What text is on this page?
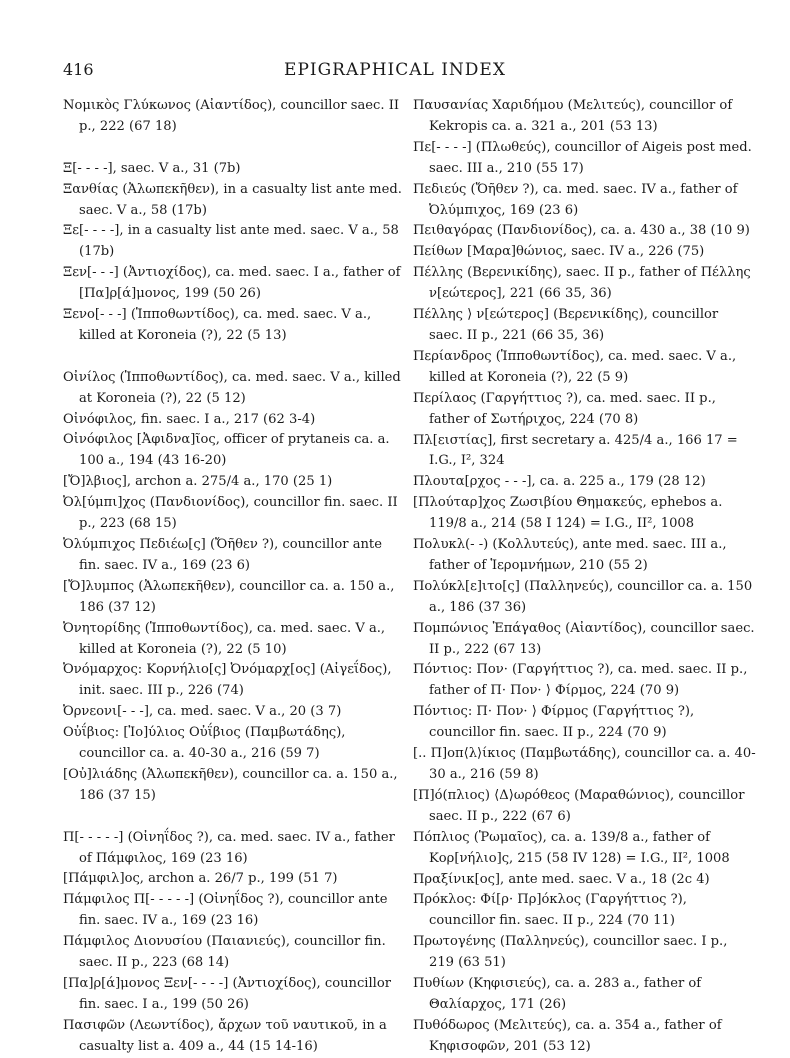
416	EPIGRAPHICAL INDEX

Νομικὸς Γλύκωνος (Αἰαντίδος), councillor saec. II p., 222 (67 18)

Ξ[- - - -], saec. V a., 31 (7b)

Ξανθίας (Ἀλωπεκῆθεν), in a casualty list ante med. saec. V a., 58 (17b)

Ξε[- - - -], in a casualty list ante med. saec. V a., 58 (17b)

Ξεν[- - -] (Ἀντιοχίδος), ca. med. saec. I a., father of [Πα]ρ[ά]μονος, 199 (50 26)

Ξενο[- - -] (Ἱπποθωντίδος), ca. med. saec. V a., killed at Koroneia (?), 22 (5 13)

Οἰνίλος (Ἱπποθωντίδος), ca. med. saec. V a., killed at Koroneia (?), 22 (5 12)

Οἰνόφιλος, fin. saec. I a., 217 (62 3-4)

Οἰνόφιλος [Ἀφιδνα]ῖος, officer of prytaneis ca. a. 100 a., 194 (43 16-20)

[Ὄ]λβιος], archon a. 275/4 a., 170 (25 1)

Ὀλ[ύμπι]χος (Πανδιονίδος), councillor fin. saec. II p., 223 (68 15)

Ὀλύμπιχος Πεδιέω[ς] (Ὄῆθεν ?), councillor ante fin. saec. IV a., 169 (23 6)

[Ὄ]λυμπος (Ἀλωπεκῆθεν), councillor ca. a. 150 a., 186 (37 12)

Ὀνητορίδης (Ἱπποθωντίδος), ca. med. saec. V a., killed at Koroneia (?), 22 (5 10)

Ὀνόμαρχος: Κορνήλιο[ς] Ὀνόμαρχ[ος] (Αἰγεΐδος), init. saec. III p., 226 (74)

Ὀρνεονι[- - -], ca. med. saec. V a., 20 (3 7)

Οὐΐβιος: [Ἰο]ύλιος Οὐΐβιος (Παμβωτάδης), councillor ca. a. 40-30 a., 216 (59 7)

[Οὐ]λιάδης (Ἀλωπεκῆθεν), councillor ca. a. 150 a., 186 (37 15)

Π[- - - - -] (Οἰνηΐδος ?), ca. med. saec. IV a., father of Πάμφιλος, 169 (23 16)

[Πάμφιλ]ος, archon a. 26/7 p., 199 (51 7)

Πάμφιλος Π[- - - - -] (Οἰνηΐδος ?), councillor ante fin. saec. IV a., 169 (23 16)

Πάμφιλος Διονυσίου (Παιανιεύς), councillor fin. saec. II p., 223 (68 14)

[Πα]ρ[ά]μονος Ξεν[- - - -] (Ἀντιοχίδος), councillor fin. saec. I a., 199 (50 26)

Πασιφῶν (Λεωντίδος), ἄρχων τοῦ ναυτικοῦ, in a casualty list a. 409 a., 44 (15 14-16)

Παυσανίας Χαριδήμου (Μελιτεύς), councillor of Kekropis ca. a. 321 a., 201 (53 13)

Πε[- - - -] (Πλωθεύς), councillor of Aigeis post med. saec. III a., 210 (55 17)

Πεδιεύς (Ὄῆθεν ?), ca. med. saec. IV a., father of Ὀλύμπιχος, 169 (23 6)

Πειθαγόρας (Πανδιονίδος), ca. a. 430 a., 38 (10 9)

Πείθων [Μαρα]θώνιος, saec. IV a., 226 (75)

Πέλλης (Βερενικίδης), saec. II p., father of Πέλλης ν[εώτερος], 221 (66 35, 36)

Πέλλης ⟩ ν[εώτερος] (Βερενικίδης), councillor saec. II p., 221 (66 35, 36)

Περίανδρος (Ἱπποθωντίδος), ca. med. saec. V a., killed at Koroneia (?), 22 (5 9)

Περίλαος (Γαργήττιος ?), ca. med. saec. II p., father of Σωτήριχος, 224 (70 8)

Πλ[ειστίας], first secretary a. 425/4 a., 166 17 = I.G., I², 324

Πλουτα[ρχος - - -], ca. a. 225 a., 179 (28 12)

[Πλούταρ]χος Ζωσιβίου Θημακεύς, ephebos a. 119/8 a., 214 (58 I 124) = I.G., II², 1008

Πολυκλ(- -) (Κολλυτεύς), ante med. saec. III a., father of Ἱερομνήμων, 210 (55 2)

Πολύκλ[ε]ιτο[ς] (Παλληνεύς), councillor ca. a. 150 a., 186 (37 36)

Πομπώνιος Ἐπάγαθος (Αἰαντίδος), councillor saec. II p., 222 (67 13)

Πόντιος: Πον· (Γαργήττιος ?), ca. med. saec. II p., father of Π· Πον· ⟩ Φίρμος, 224 (70 9)

Πόντιος: Π· Πον· ⟩ Φίρμος (Γαργήττιος ?), councillor fin. saec. II p., 224 (70 9)

[.. Π]οπ⟨λ⟩ίκιος (Παμβωτάδης), councillor ca. a. 40-30 a., 216 (59 8)

[Π]ό(πλιος) ⟨Δ⟩ωρόθεος (Μαραθώνιος), councillor saec. II p., 222 (67 6)

Πόπλιος (Ῥωμαῖος), ca. a. 139/8 a., father of Κορ[νήλιο]ς, 215 (58 IV 128) = I.G., II², 1008

Πραξίνικ[ος], ante med. saec. V a., 18 (2c 4)

Πρόκλος: Φί[ρ· Πρ]όκλος (Γαργήττιος ?), councillor fin. saec. II p., 224 (70 11)

Πρωτογένης (Παλληνεύς), councillor saec. I p., 219 (63 51)

Πυθίων (Κηφισιεύς), ca. a. 283 a., father of Θαλίαρχος, 171 (26)

Πυθόδωρος (Μελιτεύς), ca. a. 354 a., father of Κηφισοφῶν, 201 (53 12)
